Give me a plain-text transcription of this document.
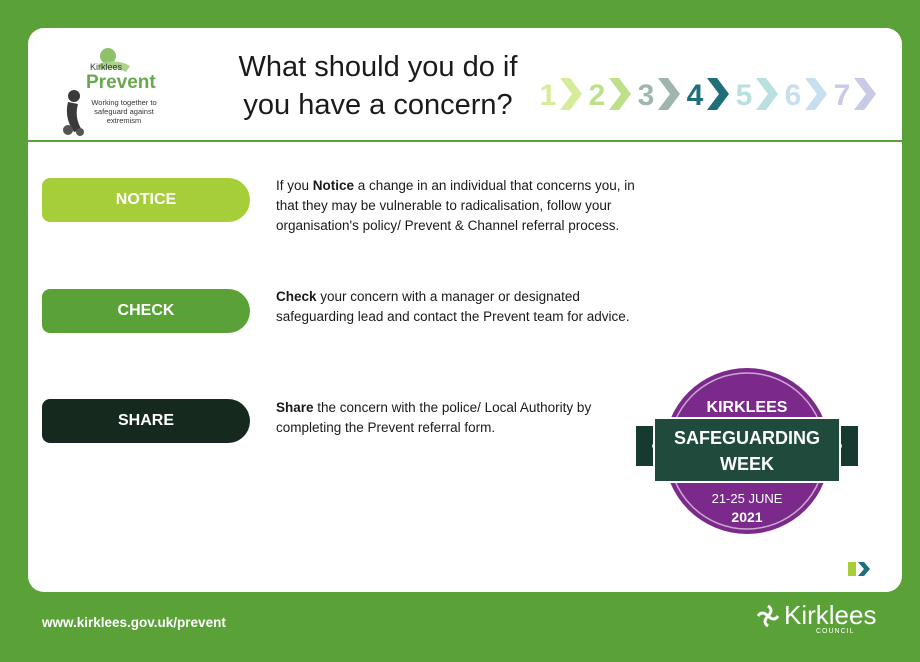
Kirklees
Prevent
Working together to safeguard against extremism
What should you do if you have a concern? 1 2 3 4 5 6 7
NOTICE
If you Notice a change in an individual that concerns you, in that they may be vulnerable to radicalisation, follow your organisation's policy/ Prevent & Channel referral process.
CHECK
Check your concern with a manager or designated safeguarding lead and contact the Prevent team for advice.
SHARE
Share the concern with the police/ Local Authority by completing the Prevent referral form.
KIRKLEES
SAFEGUARDING
WEEK
21-25 JUNE
2021
www.kirklees.gov.uk/prevent	Kirklees
COUNCIL
